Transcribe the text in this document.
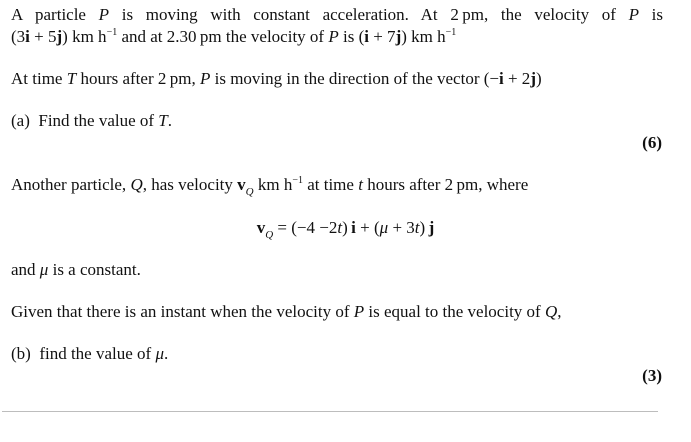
A particle P is moving with constant acceleration. At 2 pm, the velocity of P is
(3i + 5j) km $h^{-1}$ and at 2.30 pm the velocity of P is (i + 7j) km $h^{-1}$
At time T hours after 2 pm, P is moving in the direction of the vector (−i + 2j)
(a) Find the value of T.
(6)
Another particle, Q, has velocity $v_Q$ km $h^{-1}$ at time t hours after 2 pm, where
$v_Q = (-4 -2t) i + (\mu + 3t)$ j
and μ is a constant.
Given that there is an instant when the velocity of P is equal to the velocity of Q,
(b) find the value of μ.
(3)
